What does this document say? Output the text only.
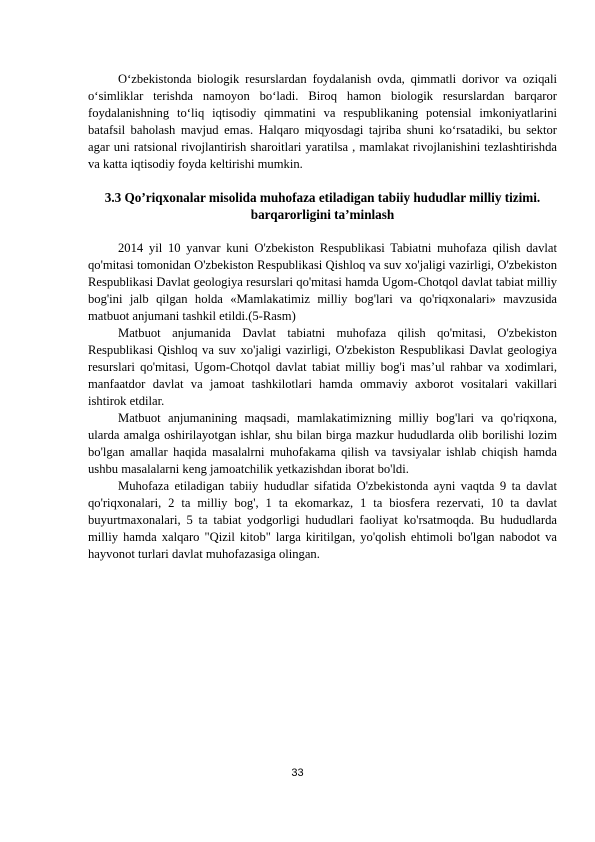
O‘zbekistonda biologik resurslardan foydalanish ovda, qimmatli dorivor va oziqali o‘simliklar terishda namoyon bo‘ladi. Biroq hamon biologik resurslardan barqaror foydalanishning to‘liq iqtisodiy qimmatini va respublikaning potensial imkoniyatlarini batafsil baholash mavjud emas. Halqaro miqyosdagi tajriba shuni ko‘rsatadiki, bu sektor agar uni ratsional rivojlantirish sharoitlari yaratilsa , mamlakat rivojlanishini tezlashtirishda va katta iqtisodiy foyda keltirishi mumkin.

3.3 Qo’riqxonalar misolida muhofaza etiladigan tabiiy hududlar milliy tizimi. barqarorligini ta’minlash

2014 yil 10 yanvar kuni O'zbekiston Respublikasi Tabiatni muhofaza qilish davlat qo'mitasi tomonidan O'zbekiston Respublikasi Qishloq va suv xo'jaligi vazirligi, O'zbekiston Respublikasi Davlat geologiya resurslari qo'mitasi hamda Ugom-Chotqol davlat tabiat milliy bog'ini jalb qilgan holda «Mamlakatimiz milliy bog'lari va qo'riqxonalari» mavzusida matbuot anjumani tashkil etildi.(5-Rasm)

Matbuot anjumanida Davlat tabiatni muhofaza qilish qo'mitasi, O'zbekiston Respublikasi Qishloq va suv xo'jaligi vazirligi, O'zbekiston Respublikasi Davlat geologiya resurslari qo'mitasi, Ugom-Chotqol davlat tabiat milliy bog'i mas’ul rahbar va xodimlari, manfaatdor davlat va jamoat tashkilotlari hamda ommaviy axborot vositalari vakillari ishtirok etdilar.

Matbuot anjumanining maqsadi, mamlakatimizning milliy bog'lari va qo'riqxona, ularda amalga oshirilayotgan ishlar, shu bilan birga mazkur hududlarda olib borilishi lozim bo'lgan amallar haqida masalalrni muhofakama qilish va tavsiyalar ishlab chiqish hamda ushbu masalalarni keng jamoatchilik yetkazishdan iborat bo'ldi.

Muhofaza etiladigan tabiiy hududlar sifatida O'zbekistonda ayni vaqtda 9 ta davlat qo'riqxonalari, 2 ta milliy bog', 1 ta ekomarkaz, 1 ta biosfera rezervati, 10 ta davlat buyurtmaxonalari, 5 ta tabiat yodgorligi hududlari faoliyat ko'rsatmoqda. Bu hududlarda milliy hamda xalqaro "Qizil kitob" larga kiritilgan, yo'qolish ehtimoli bo'lgan nabodot va hayvonot turlari davlat muhofazasiga olingan.

33
